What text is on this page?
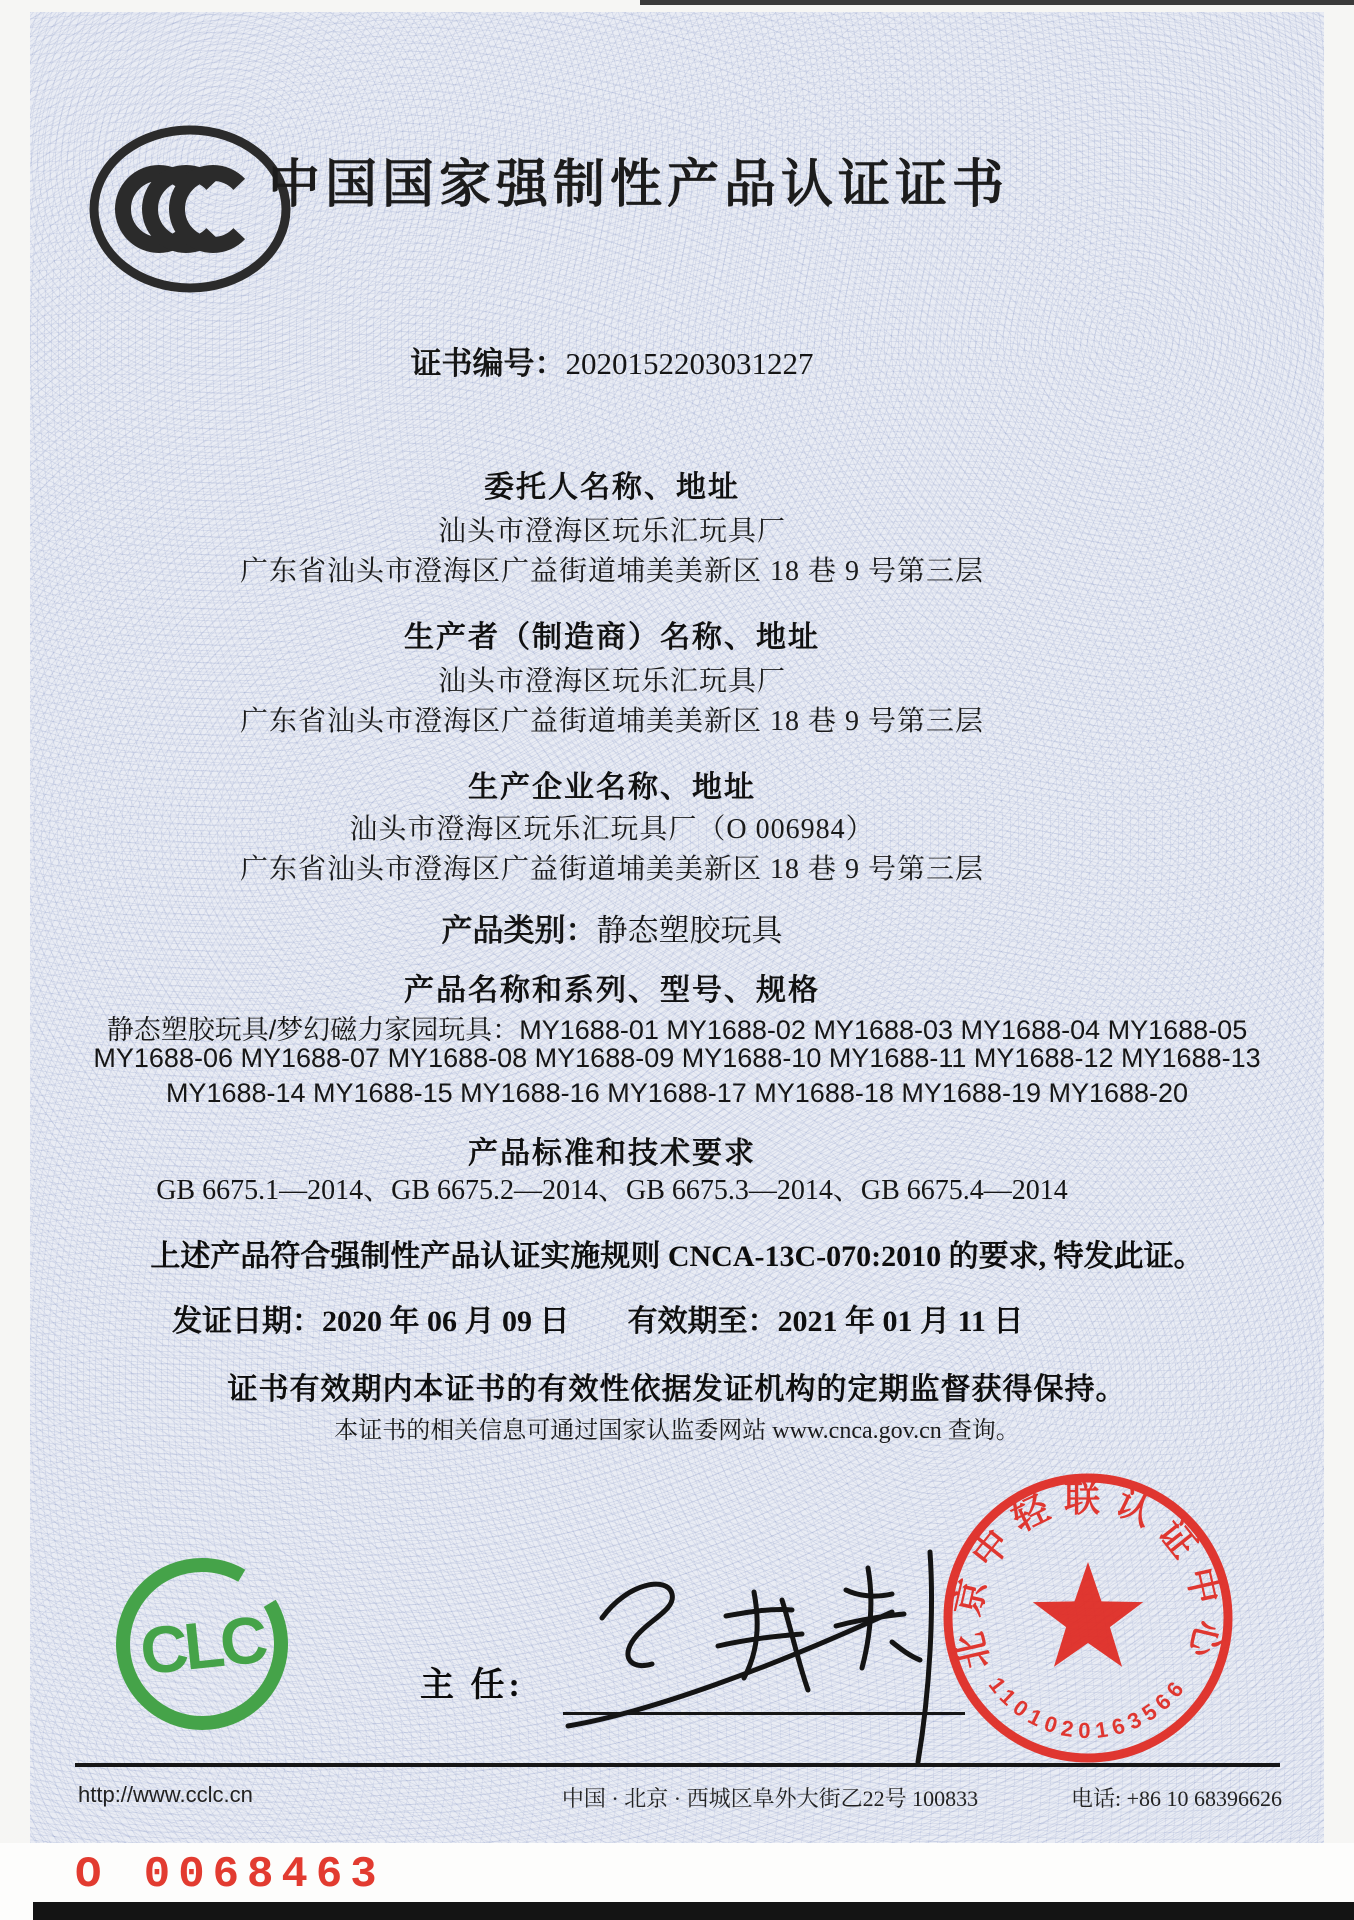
中国国家强制性产品认证证书
证书编号：2020152203031227
委托人名称、地址
汕头市澄海区玩乐汇玩具厂
广东省汕头市澄海区广益街道埔美美新区 18 巷 9 号第三层
生产者（制造商）名称、地址
汕头市澄海区玩乐汇玩具厂
广东省汕头市澄海区广益街道埔美美新区 18 巷 9 号第三层
生产企业名称、地址
汕头市澄海区玩乐汇玩具厂（O 006984）
广东省汕头市澄海区广益街道埔美美新区 18 巷 9 号第三层
产品类别：静态塑胶玩具
产品名称和系列、型号、规格
静态塑胶玩具/梦幻磁力家园玩具：MY1688-01 MY1688-02 MY1688-03 MY1688-04 MY1688-05
MY1688-06 MY1688-07 MY1688-08 MY1688-09 MY1688-10 MY1688-11 MY1688-12 MY1688-13
MY1688-14 MY1688-15 MY1688-16 MY1688-17 MY1688-18 MY1688-19 MY1688-20
产品标准和技术要求
GB 6675.1—2014、GB 6675.2—2014、GB 6675.3—2014、GB 6675.4—2014
上述产品符合强制性产品认证实施规则 CNCA-13C-070:2010 的要求, 特发此证。
发证日期：2020 年 06 月 09 日 有效期至：2021 年 01 月 11 日
证书有效期内本证书的有效性依据发证机构的定期监督获得保持。
本证书的相关信息可通过国家认监委网站 www.cnca.gov.cn 查询。
CLC	主 任:
北京中轻联认证中心
1101020163566
http://www.cclc.cn	中国 · 北京 · 西城区阜外大街乙22号 100833	电话: +86 10 68396626
O 0068463
